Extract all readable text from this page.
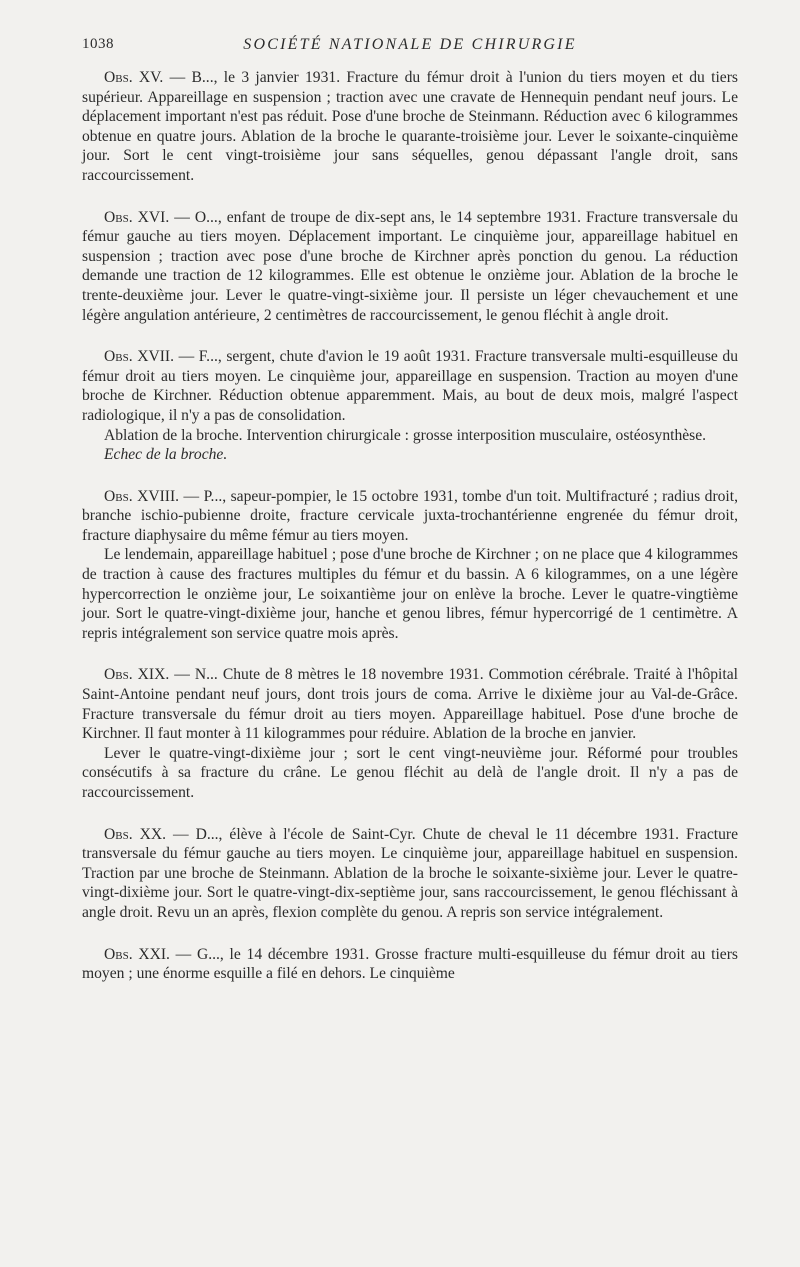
1038	SOCIÉTÉ NATIONALE DE CHIRURGIE

Obs. XV. — B..., le 3 janvier 1931. Fracture du fémur droit à l'union du tiers moyen et du tiers supérieur. Appareillage en suspension ; traction avec une cravate de Hennequin pendant neuf jours. Le déplacement important n'est pas réduit. Pose d'une broche de Steinmann. Réduction avec 6 kilogrammes obtenue en quatre jours. Ablation de la broche le quarante-troisième jour. Lever le soixante-cinquième jour. Sort le cent vingt-troisième jour sans séquelles, genou dépassant l'angle droit, sans raccourcissement.

Obs. XVI. — O..., enfant de troupe de dix-sept ans, le 14 septembre 1931. Fracture transversale du fémur gauche au tiers moyen. Déplacement important. Le cinquième jour, appareillage habituel en suspension ; traction avec pose d'une broche de Kirchner après ponction du genou. La réduction demande une traction de 12 kilogrammes. Elle est obtenue le onzième jour. Ablation de la broche le trente-deuxième jour. Lever le quatre-vingt-sixième jour. Il persiste un léger chevauchement et une légère angulation antérieure, 2 centimètres de raccourcissement, le genou fléchit à angle droit.

Obs. XVII. — F..., sergent, chute d'avion le 19 août 1931. Fracture transversale multi-esquilleuse du fémur droit au tiers moyen. Le cinquième jour, appareillage en suspension. Traction au moyen d'une broche de Kirchner. Réduction obtenue apparemment. Mais, au bout de deux mois, malgré l'aspect radiologique, il n'y a pas de consolidation.

Ablation de la broche. Intervention chirurgicale : grosse interposition musculaire, ostéosynthèse.

Echec de la broche.

Obs. XVIII. — P..., sapeur-pompier, le 15 octobre 1931, tombe d'un toit. Multifracturé ; radius droit, branche ischio-pubienne droite, fracture cervicale juxta-trochantérienne engrenée du fémur droit, fracture diaphysaire du même fémur au tiers moyen.

Le lendemain, appareillage habituel ; pose d'une broche de Kirchner ; on ne place que 4 kilogrammes de traction à cause des fractures multiples du fémur et du bassin. A 6 kilogrammes, on a une légère hypercorrection le onzième jour, Le soixantième jour on enlève la broche. Lever le quatre-vingtième jour. Sort le quatre-vingt-dixième jour, hanche et genou libres, fémur hypercorrigé de 1 centimètre. A repris intégralement son service quatre mois après.

Obs. XIX. — N... Chute de 8 mètres le 18 novembre 1931. Commotion cérébrale. Traité à l'hôpital Saint-Antoine pendant neuf jours, dont trois jours de coma. Arrive le dixième jour au Val-de-Grâce. Fracture transversale du fémur droit au tiers moyen. Appareillage habituel. Pose d'une broche de Kirchner. Il faut monter à 11 kilogrammes pour réduire. Ablation de la broche en janvier.

Lever le quatre-vingt-dixième jour ; sort le cent vingt-neuvième jour. Réformé pour troubles consécutifs à sa fracture du crâne. Le genou fléchit au delà de l'angle droit. Il n'y a pas de raccourcissement.

Obs. XX. — D..., élève à l'école de Saint-Cyr. Chute de cheval le 11 décembre 1931. Fracture transversale du fémur gauche au tiers moyen. Le cinquième jour, appareillage habituel en suspension. Traction par une broche de Steinmann. Ablation de la broche le soixante-sixième jour. Lever le quatre-vingt-dixième jour. Sort le quatre-vingt-dix-septième jour, sans raccourcissement, le genou fléchissant à angle droit. Revu un an après, flexion complète du genou. A repris son service intégralement.

Obs. XXI. — G..., le 14 décembre 1931. Grosse fracture multi-esquilleuse du fémur droit au tiers moyen ; une énorme esquille a filé en dehors. Le cinquième
